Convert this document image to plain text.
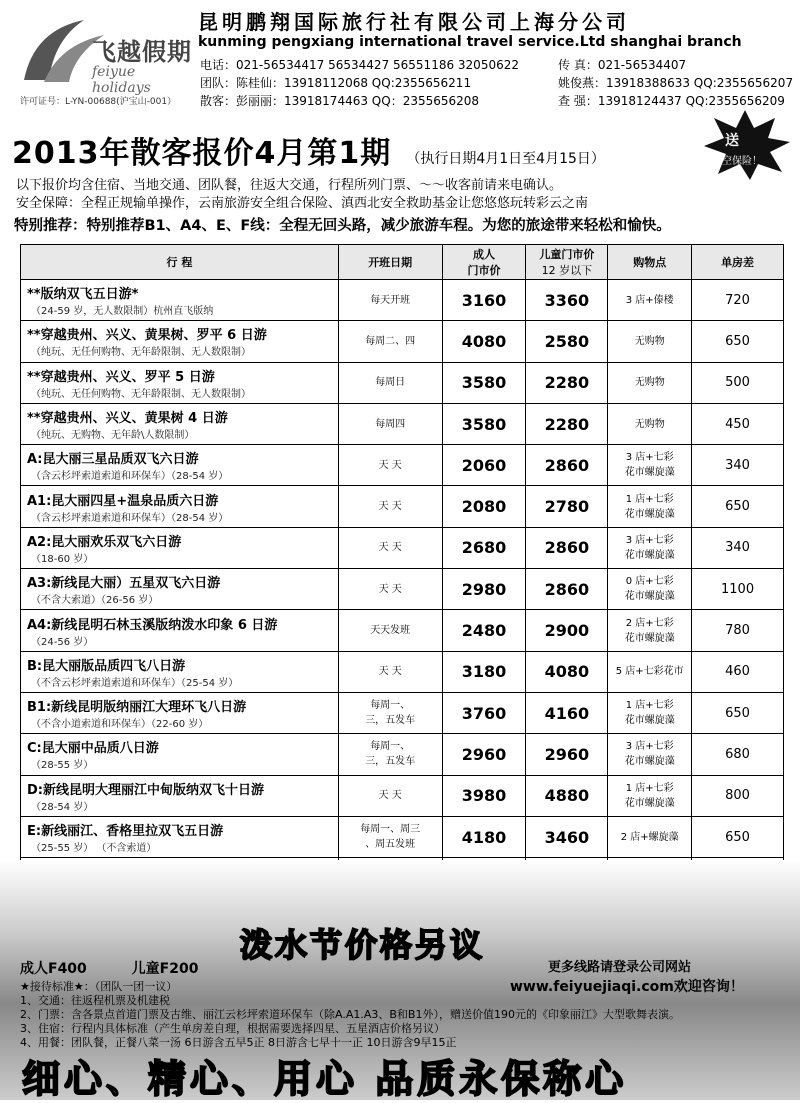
飞越假期
feiyue holidays
许可证号：L-YN-00688(沪宝山-001）
昆明鹏翔国际旅行社有限公司上海分公司
kunming pengxiang international travel service.Ltd shanghai branch
电话：021-56534417 56534427 56551186 32050622
团队：陈桂仙：13918112068 QQ:2355656211
散客：彭丽丽：13918174463 QQ：2355656208
传 真：021-56534407
姚俊燕：13918388633 QQ:2355656207
查 强：13918124437 QQ:2355656209
送
航空保险！
2013年散客报价4月第1期 （执行日期4月1日至4月15日）
以下报价均含住宿、当地交通、团队餐，往返大交通，行程所列门票、～～收客前请来电确认。
安全保障：全程正规输单操作，云南旅游安全组合保险、滇西北安全救助基金让您悠悠玩转彩云之南
特别推荐：特别推荐B1、A4、E、F线：全程无回头路，减少旅游车程。为您的旅途带来轻松和愉快。
行 程	开班日期	成人
门市价	儿童门市价
12 岁以下	购物点	单房差

**版纳双飞五日游*
（24-59 岁，无人数限制）杭州直飞版纳	每天开班	3160	3360	3 店+傣楼	720

**穿越贵州、兴义、黄果树、罗平 6 日游
（纯玩、无任何购物、无年龄限制、无人数限制）	每周二、四	4080	2580	无购物	650

**穿越贵州、兴义、罗平 5 日游
（纯玩、无任何购物、无年龄限制、无人数限制）	每周日	3580	2280	无购物	500

**穿越贵州、兴义、黄果树 4 日游
（纯玩、无购物、无年龄\人数限制）	每周四	3580	2280	无购物	450

A:昆大丽三星品质双飞六日游
（含云杉坪索道索道和环保车）（28-54 岁）	天 天	2060	2860	3 店+七彩
花市螺旋藻	340

A1:昆大丽四星+温泉品质六日游
（含云杉坪索道索道和环保车）（28-54 岁）	天 天	2080	2780	1 店+七彩
花市螺旋藻	650

A2:昆大丽欢乐双飞六日游
（18-60 岁）	天 天	2680	2860	3 店+七彩
花市螺旋藻	340

A3:新线昆大丽）五星双飞六日游
（不含大索道）（26-56 岁）	天 天	2980	2860	0 店+七彩
花市螺旋藻	1100

A4:新线昆明石林玉溪版纳泼水印象 6 日游
（24-56 岁）	天天发班	2480	2900	2 店+七彩
花市螺旋藻	780

B:昆大丽版品质四飞八日游
（不含云杉坪索道索道和环保车）（25-54 岁）	天 天	3180	4080	5 店+七彩花市	460

B1:新线昆明版纳丽江大理环飞八日游
（不含小道索道和环保车）（22-60 岁）	每周一、
三，五发车	3760	4160	1 店+七彩
花市螺旋藻	650

C:昆大丽中品质八日游
（28-55 岁）	每周一、
三，五发车	2960	2960	3 店+七彩
花市螺旋藻	680

D:新线昆明大理丽江中甸版纳双飞十日游
（28-54 岁）	天 天	3980	4880	1 店+七彩
花市螺旋藻	800

E:新线丽江、香格里拉双飞五日游
（25-55 岁） （不含索道）	每周一、周三
、周五发班	4180	3460	2 店+螺旋藻	650

泼水节价格另议
成人F400	儿童F200
★接待标准★：（团队一团一议）
1、交通：往返程机票及机建税
2、门票：含各景点首道门票及古维、丽江云杉坪索道环保车（除A.A1.A3、B和B1外），赠送价值190元的《印象丽江》大型歌舞表演。
3、住宿：行程内具体标准（产生单房差自理，根据需要选择四星、五星酒店价格另议）
4、用餐：团队餐，正餐八菜一汤 6日游含五早5正 8日游含七早十一正 10日游含9早15正
更多线路请登录公司网站
www.feiyuejiaqi.com欢迎咨询！
细心、精心、用心 品质永保称心
